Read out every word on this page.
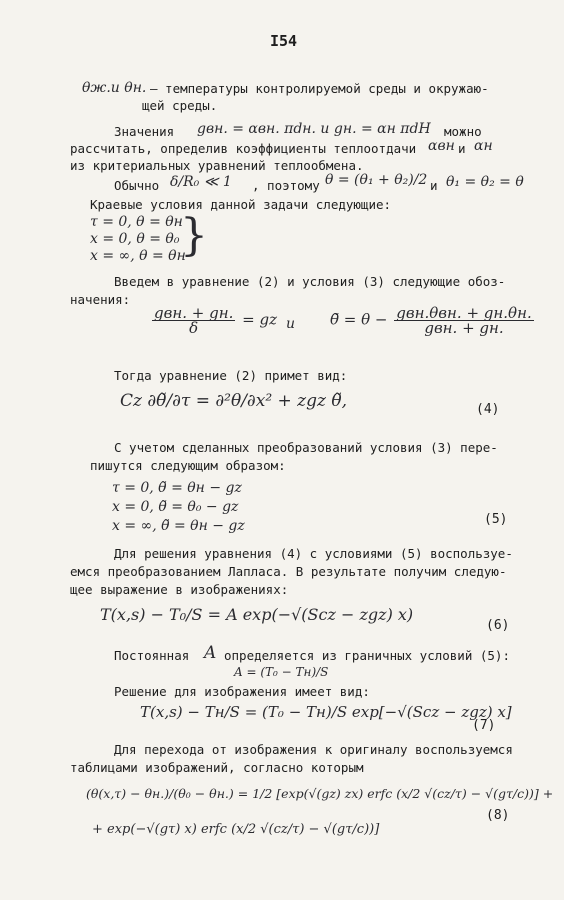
I54
θж.и θн. – температуры контролируемой среды и окружаю-
щей среды.
Значения gвн. = αвн. πdн. и gн. = αн πdH можно
рассчитать, определив коэффициенты теплоотдачи αвн и αн
из критериальных уравнений теплообмена.
Обычно δ/R₀ ≪ 1 , поэтому θ = (θ₁ + θ₂)/2 и θ₁ = θ₂ = θ
Краевые условия данной задачи следующие:
τ = 0, θ = θн
x = 0, θ = θ₀
x = ∞, θ = θн
}
Введем в уравнение (2) и условия (3) следующие обоз-
начения:
$\frac{\text{gвн. + gн.}}{\delta}$ = gz и θ̃ = $\theta - \frac{\text{gвн.θвн. + gн.θн.}}{\text{gвн. + gн.}}$
Тогда уравнение (2) примет вид:
Cz ∂θ̃/∂τ = ∂²θ/∂x² + zgz θ̃,	(4)
С учетом сделанных преобразований условия (3) пере-
пишутся следующим образом:
τ = 0, θ̃ = θн − gz
x = 0, θ̃ = θ₀ − gz
x = ∞, θ̃ = θн − gz	(5)
Для решения уравнения (4) с условиями (5) воспользуе-
емся преобразованием Лапласа. В результате получим следую-
щее выражение в изображениях:
T(x,s) − T₀/S = A exp(−√(Scz − zgz) x)
(6)
Постоянная A определяется из граничных условий (5):
A = (T₀ − Tн)/S
Решение для изображения имеет вид:
T(x,s) − Tн/S = (T₀ − Tн)/S exp[−√(Scz − zgz) x]
(7)
Для перехода от изображения к оригиналу воспользуемся
таблицами изображений, согласно которым
(θ(x,τ) − θн.)/(θ₀ − θн.) = 1/2 [exp(√(gz) zx) erfc (x/2 √(cz/τ) − √(gτ/c))] +
+ exp(−√(gτ) x) erfc (x/2 √(cz/τ) − √(gτ/c))]
(8)
